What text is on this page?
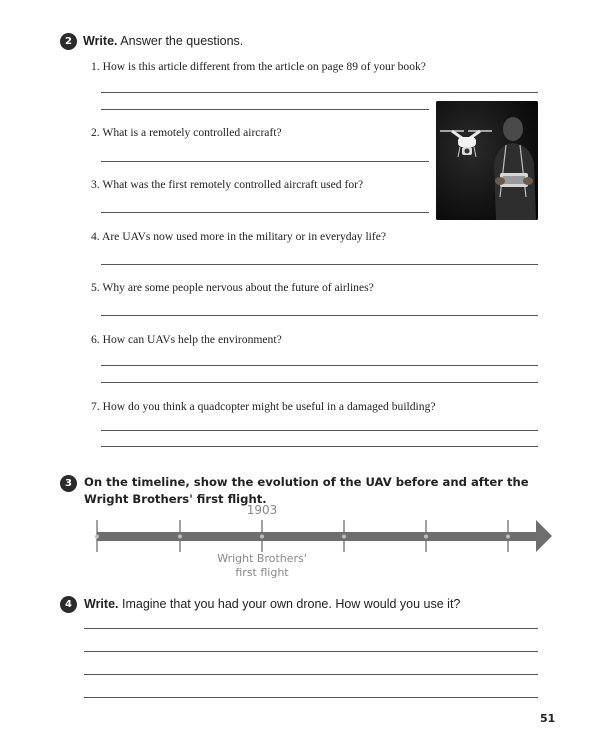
2 Write. Answer the questions.
1. How is this article different from the article on page 89 of your book?
2. What is a remotely controlled aircraft?
3. What was the first remotely controlled aircraft used for?
4. Are UAVs now used more in the military or in everyday life?
5. Why are some people nervous about the future of airlines?
6. How can UAVs help the environment?
7. How do you think a quadcopter might be useful in a damaged building?
3	On the timeline, show the evolution of the UAV before and after the Wright Brothers' first flight.
1903
Wright Brothers'
first flight
4 Write. Imagine that you had your own drone. How would you use it?
51
